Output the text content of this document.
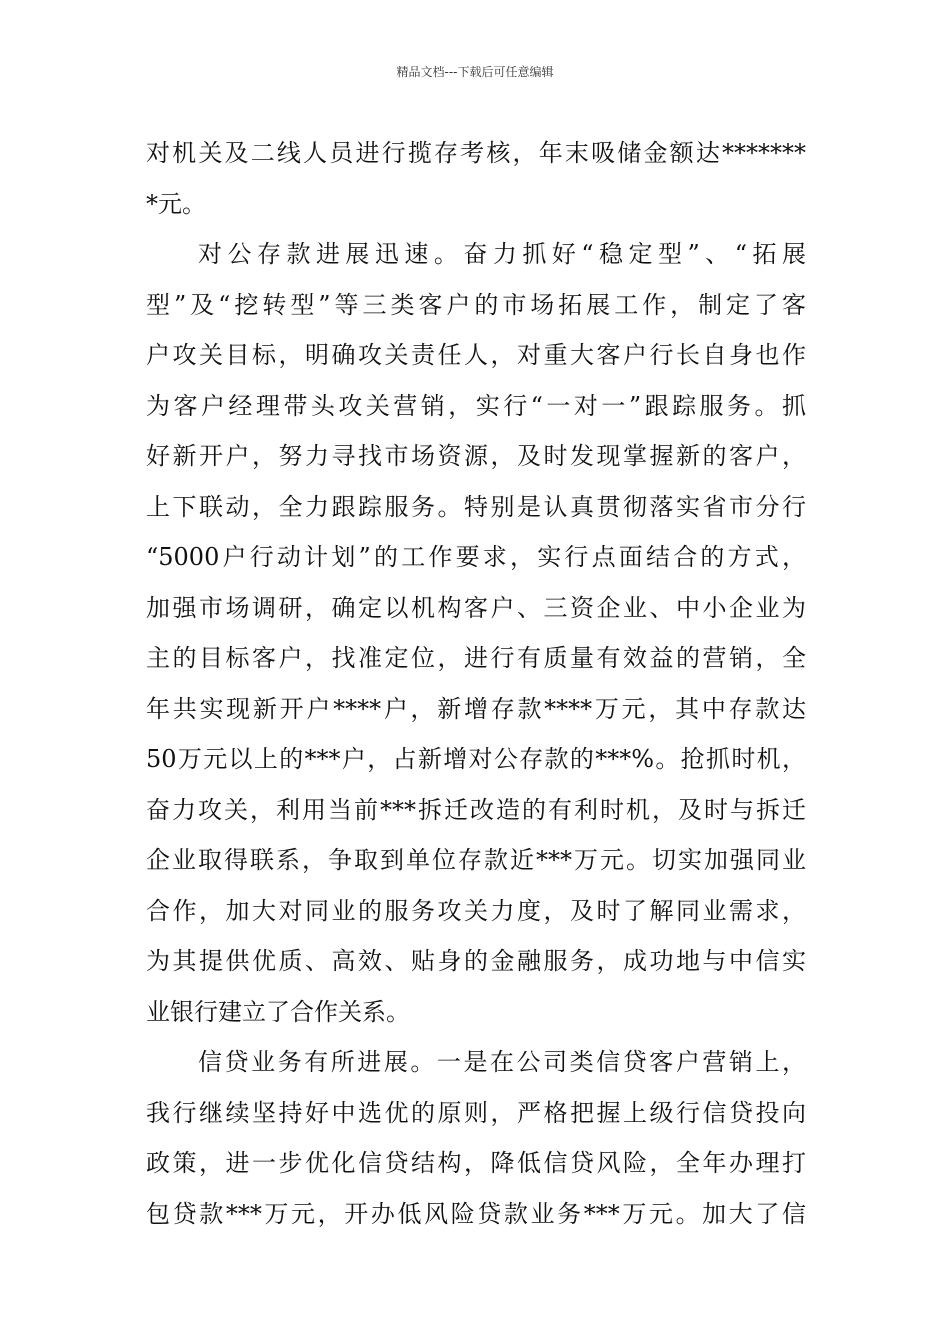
精品文档---下载后可任意编辑
对机关及二线人员进行揽存考核，年末吸储金额达*******
*元。
对公存款进展迅速。奋力抓好“稳定型”、“拓展
型”及“挖转型”等三类客户的市场拓展工作，制定了客
户攻关目标，明确攻关责任人，对重大客户行长自身也作
为客户经理带头攻关营销，实行“一对一”跟踪服务。抓
好新开户，努力寻找市场资源，及时发现掌握新的客户，
上下联动，全力跟踪服务。特别是认真贯彻落实省市分行
“5000户行动计划”的工作要求，实行点面结合的方式，
加强市场调研，确定以机构客户、三资企业、中小企业为
主的目标客户，找准定位，进行有质量有效益的营销，全
年共实现新开户****户，新增存款****万元，其中存款达
50万元以上的***户，占新增对公存款的***%。抢抓时机，
奋力攻关，利用当前***拆迁改造的有利时机，及时与拆迁
企业取得联系，争取到单位存款近***万元。切实加强同业
合作，加大对同业的服务攻关力度，及时了解同业需求，
为其提供优质、高效、贴身的金融服务，成功地与中信实
业银行建立了合作关系。
信贷业务有所进展。一是在公司类信贷客户营销上，
我行继续坚持好中选优的原则，严格把握上级行信贷投向
政策，进一步优化信贷结构，降低信贷风险，全年办理打
包贷款***万元，开办低风险贷款业务***万元。加大了信
